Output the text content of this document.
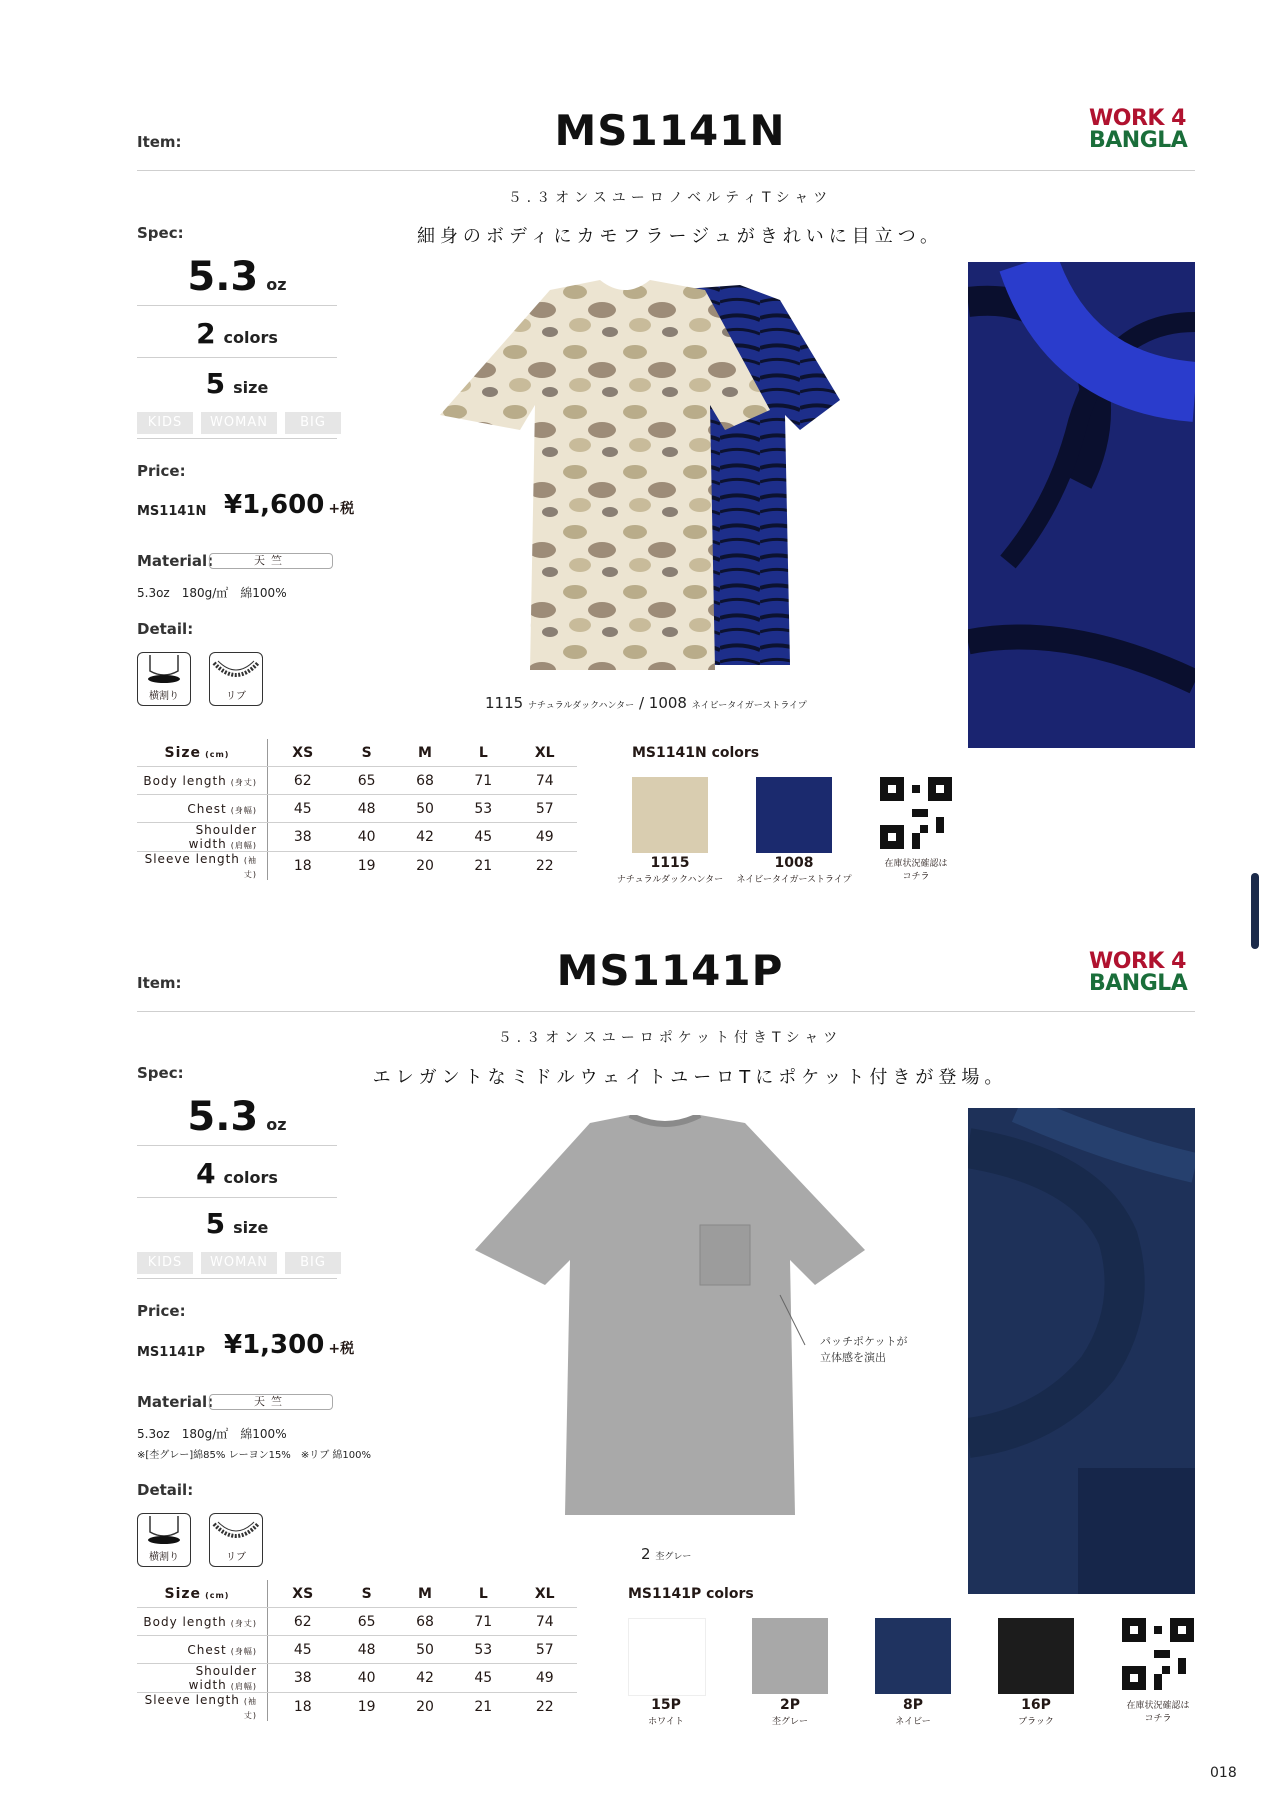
Item:	MS1141N	WORK 4
BANGLA
５.３オンスユーロノベルティTシャツ
細身のボディにカモフラージュがきれいに目立つ。
Spec:
5.3 oz
2 colors
5 size
KIDS	WOMAN	BIG
Price:
MS1141N ¥1,600 +税
Material:	天竺
5.3oz　180g/㎡　綿100%
Detail:
横割り	リブ
Size (cm)	XS	S	M	L	XL
Body length (身丈)	62	65	68	71	74
Chest (身幅)	45	48	50	53	57
Shoulder width (肩幅)	38	40	42	45	49
Sleeve length (袖丈)	18	19	20	21	22
1115 ナチュラルダックハンター / 1008 ネイビータイガーストライプ
MS1141N colors
1115
ナチュラルダックハンター
1008
ネイビータイガーストライプ
在庫状況確認は
コチラ
Item:	MS1141P	WORK 4
BANGLA
５.３オンスユーロポケット付きTシャツ
エレガントなミドルウェイトユーロTにポケット付きが登場。
Spec:
5.3 oz
4 colors
5 size
KIDS	WOMAN	BIG
Price:
MS1141P ¥1,300 +税
Material:	天竺
5.3oz　180g/㎡　綿100%
※[杢グレー]綿85% レーヨン15%　※リブ 綿100%
Detail:
横割り	リブ
Size (cm)	XS	S	M	L	XL
Body length (身丈)	62	65	68	71	74
Chest (身幅)	45	48	50	53	57
Shoulder width (肩幅)	38	40	42	45	49
Sleeve length (袖丈)	18	19	20	21	22
パッチポケットが
立体感を演出
2 杢グレー
MS1141P colors
15P
ホワイト
2P
杢グレー
8P
ネイビー
16P
ブラック
在庫状況確認は
コチラ
018
